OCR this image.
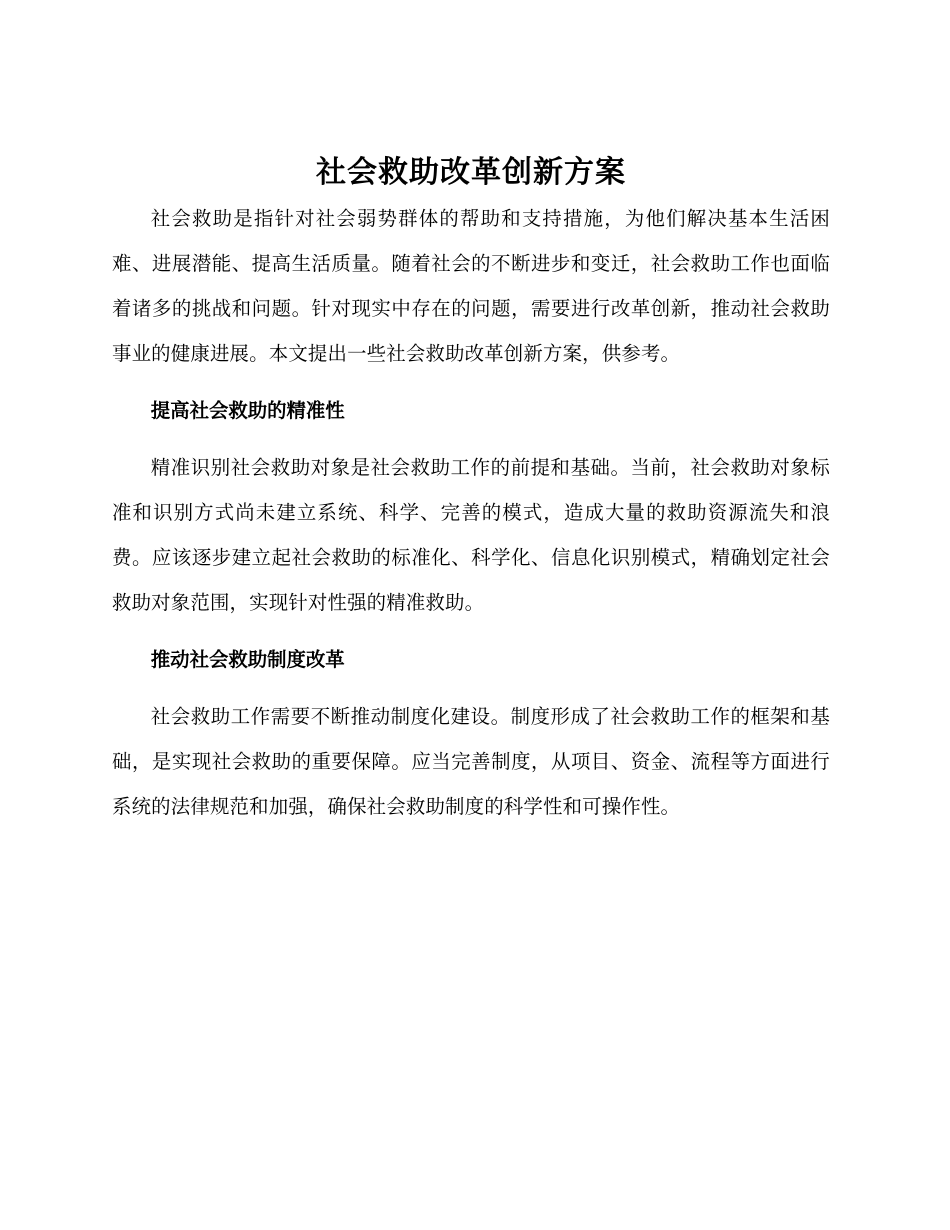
社会救助改革创新方案

社会救助是指针对社会弱势群体的帮助和支持措施，为他们解决基本生活困难、进展潜能、提高生活质量。随着社会的不断进步和变迁，社会救助工作也面临着诸多的挑战和问题。针对现实中存在的问题，需要进行改革创新，推动社会救助事业的健康进展。本文提出一些社会救助改革创新方案，供参考。

提高社会救助的精准性

精准识别社会救助对象是社会救助工作的前提和基础。当前，社会救助对象标准和识别方式尚未建立系统、科学、完善的模式，造成大量的救助资源流失和浪费。应该逐步建立起社会救助的标准化、科学化、信息化识别模式，精确划定社会救助对象范围，实现针对性强的精准救助。

推动社会救助制度改革

社会救助工作需要不断推动制度化建设。制度形成了社会救助工作的框架和基础，是实现社会救助的重要保障。应当完善制度，从项目、资金、流程等方面进行系统的法律规范和加强，确保社会救助制度的科学性和可操作性。
